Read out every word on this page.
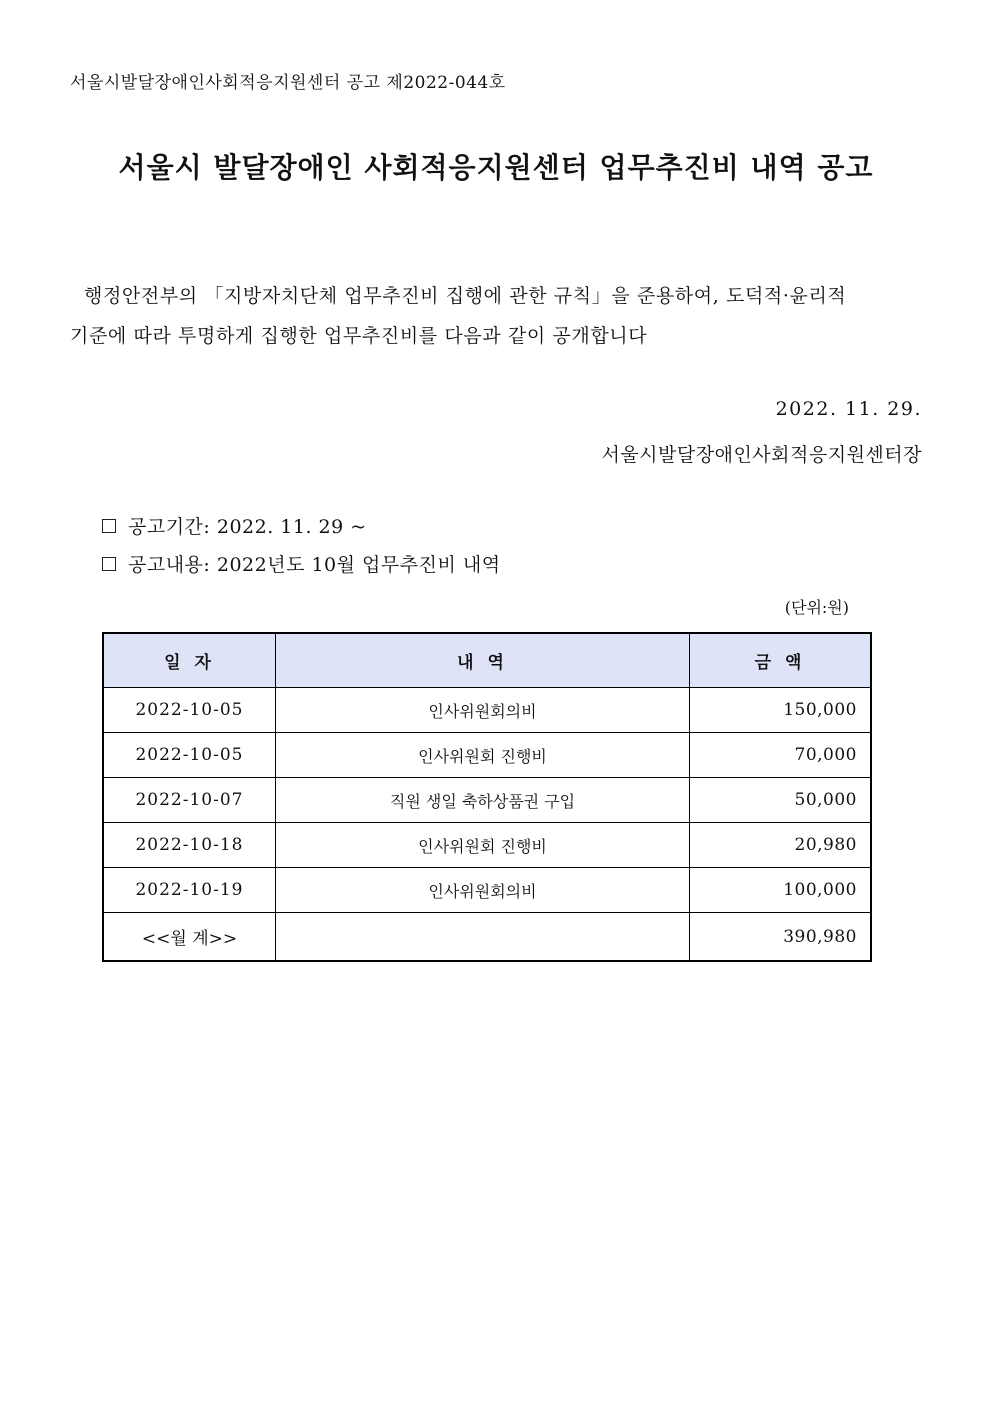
서울시발달장애인사회적응지원센터 공고 제2022-044호
서울시 발달장애인 사회적응지원센터 업무추진비 내역 공고
행정안전부의 「지방자치단체 업무추진비 집행에 관한 규칙」을 준용하여, 도덕적·윤리적
기준에 따라 투명하게 집행한 업무추진비를 다음과 같이 공개합니다
2022. 11. 29.
서울시발달장애인사회적응지원센터장
공고기간: 2022. 11. 29 ~
공고내용: 2022년도 10월 업무추진비 내역
(단위:원)
일 자	내 역	금 액
2022-10-05	인사위원회의비	150,000
2022-10-05	인사위원회 진행비	70,000
2022-10-07	직원 생일 축하상품권 구입	50,000
2022-10-18	인사위원회 진행비	20,980
2022-10-19	인사위원회의비	100,000
<<월 계>>		390,980
